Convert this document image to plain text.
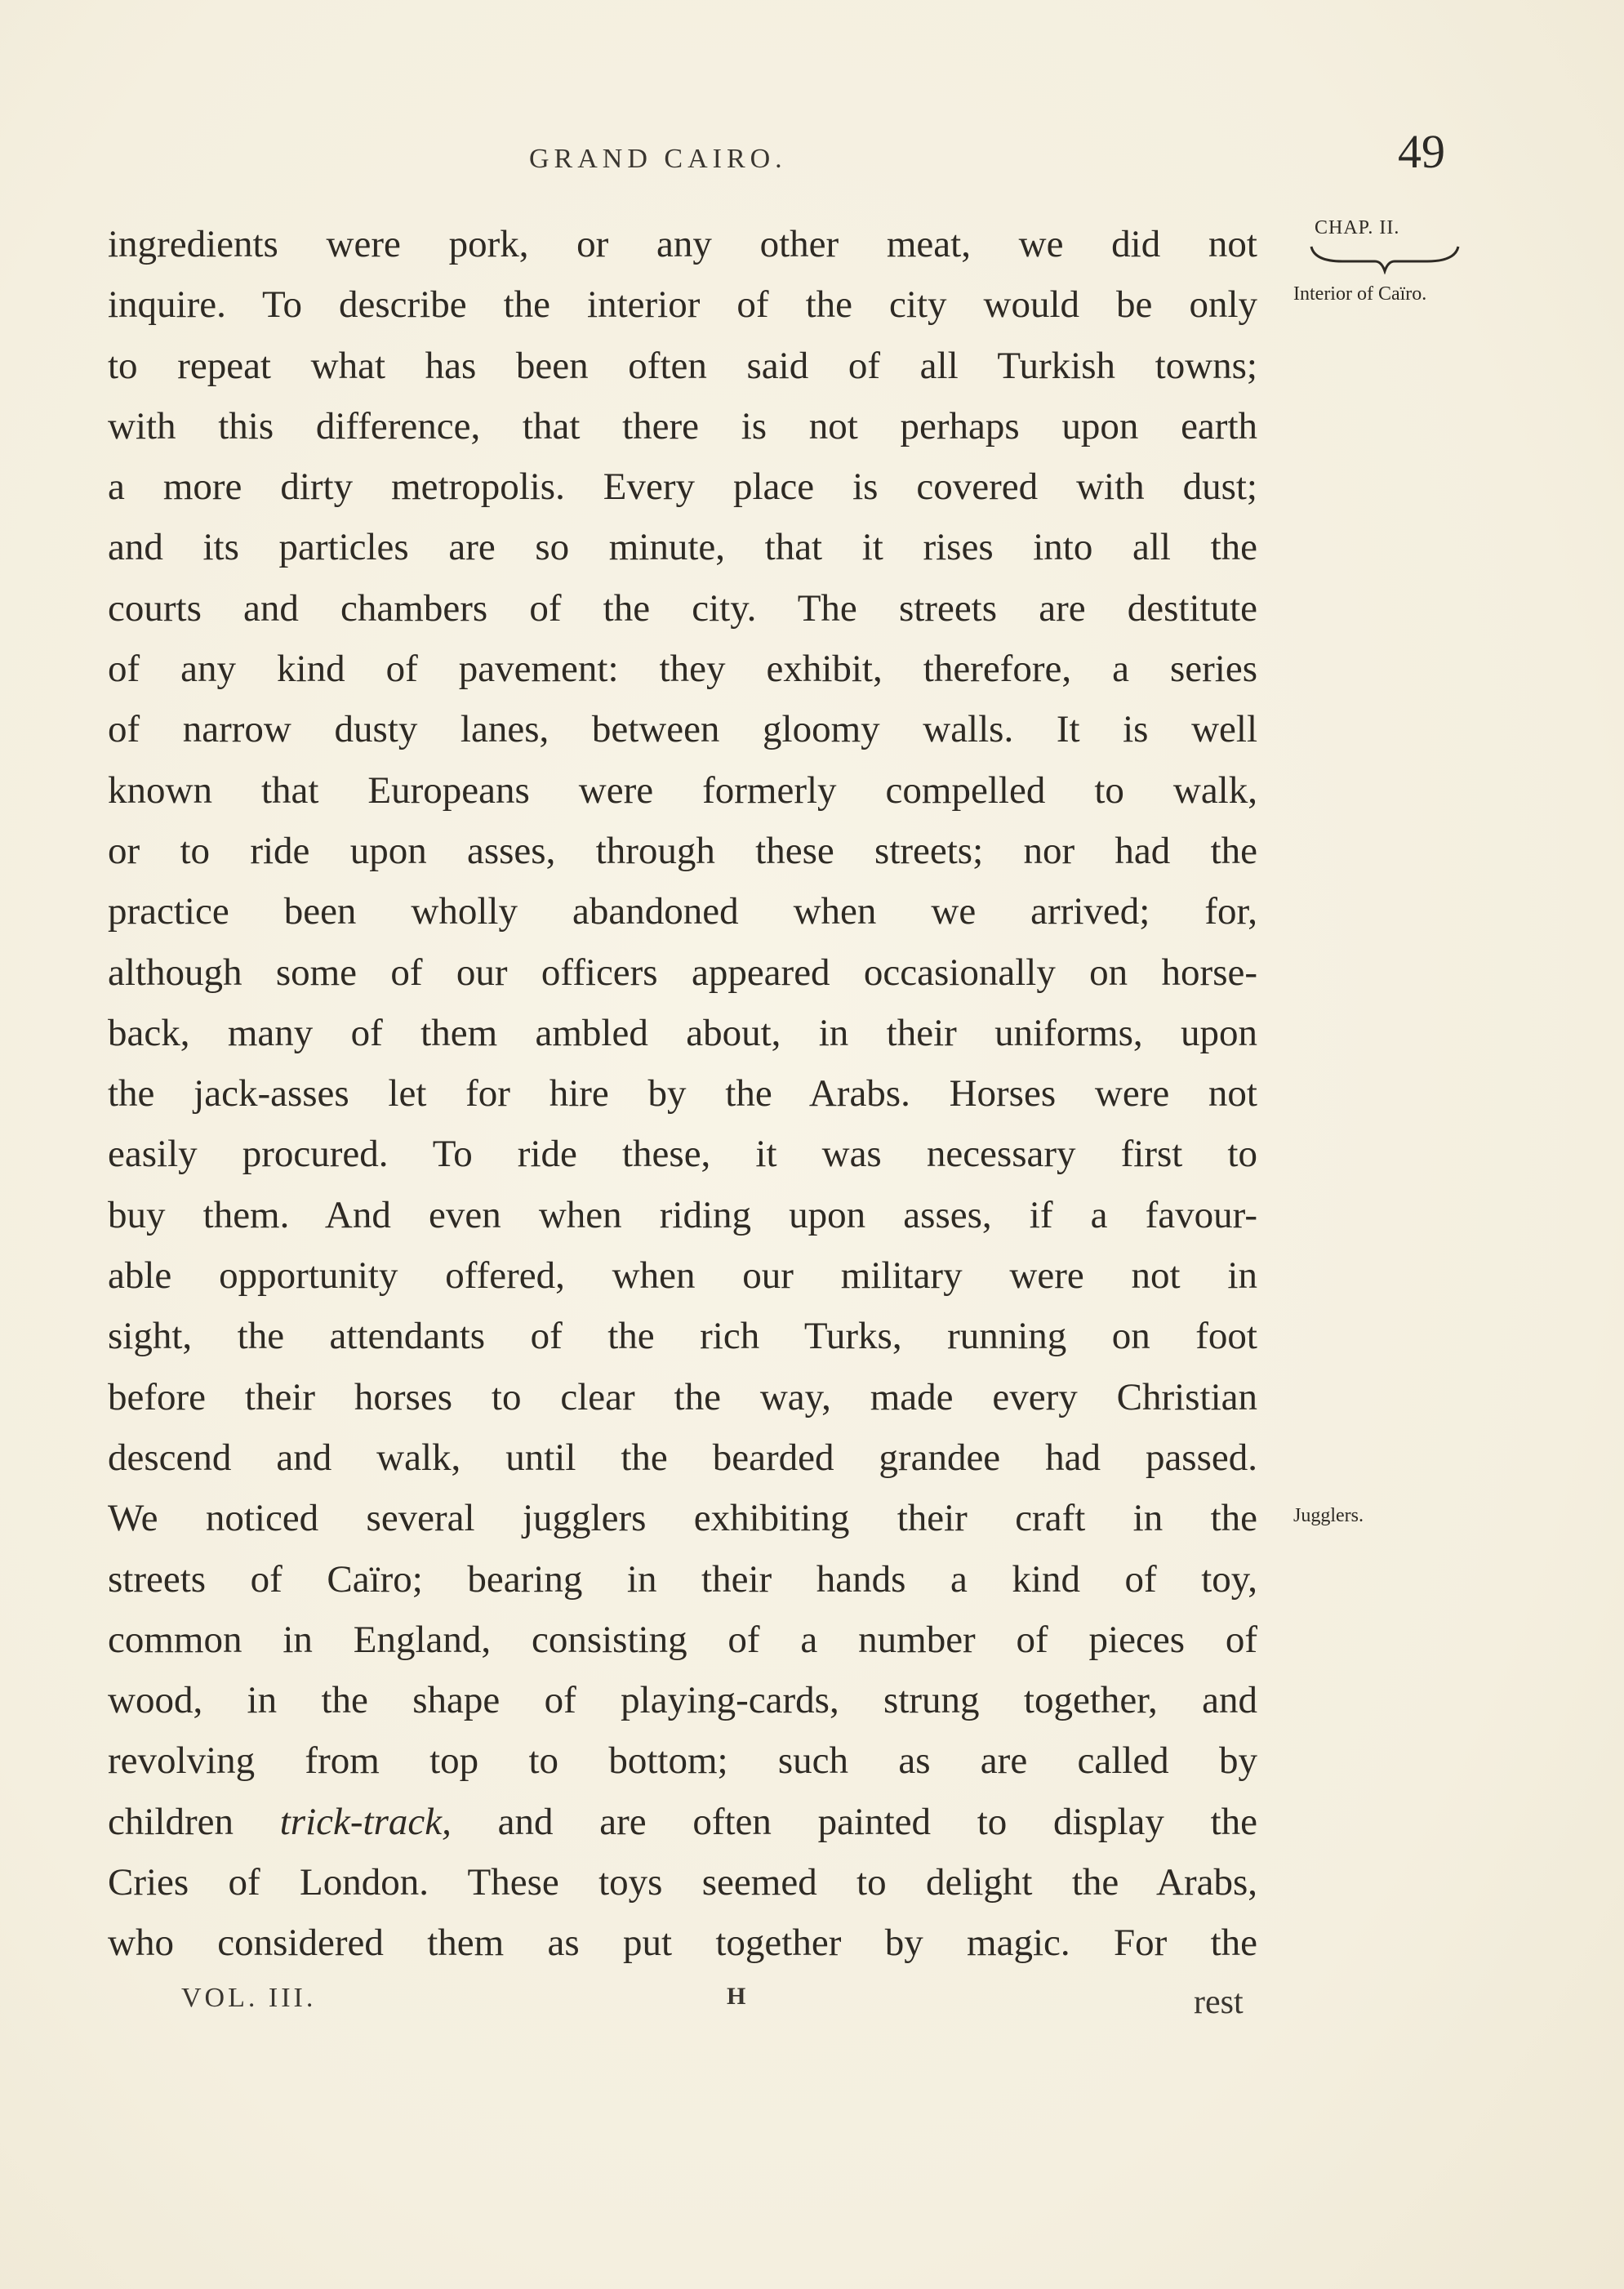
GRAND CAIRO.	49
CHAP. II.
Interior of Caïro.
Jugglers.
ingredients were pork, or any other meat, we did not
inquire. To describe the interior of the city would be only
to repeat what has been often said of all Turkish towns;
with this difference, that there is not perhaps upon earth
a more dirty metropolis. Every place is covered with dust;
and its particles are so minute, that it rises into all the
courts and chambers of the city. The streets are destitute
of any kind of pavement: they exhibit, therefore, a series
of narrow dusty lanes, between gloomy walls. It is well
known that Europeans were formerly compelled to walk,
or to ride upon asses, through these streets; nor had the
practice been wholly abandoned when we arrived; for,
although some of our officers appeared occasionally on horse-
back, many of them ambled about, in their uniforms, upon
the jack-asses let for hire by the Arabs. Horses were not
easily procured. To ride these, it was necessary first to
buy them. And even when riding upon asses, if a favour-
able opportunity offered, when our military were not in
sight, the attendants of the rich Turks, running on foot
before their horses to clear the way, made every Christian
descend and walk, until the bearded grandee had passed.
We noticed several jugglers exhibiting their craft in the
streets of Caïro; bearing in their hands a kind of toy,
common in England, consisting of a number of pieces of
wood, in the shape of playing-cards, strung together, and
revolving from top to bottom; such as are called by
children trick-track, and are often painted to display the
Cries of London. These toys seemed to delight the Arabs,
who considered them as put together by magic. For the
VOL. III.	H	rest
